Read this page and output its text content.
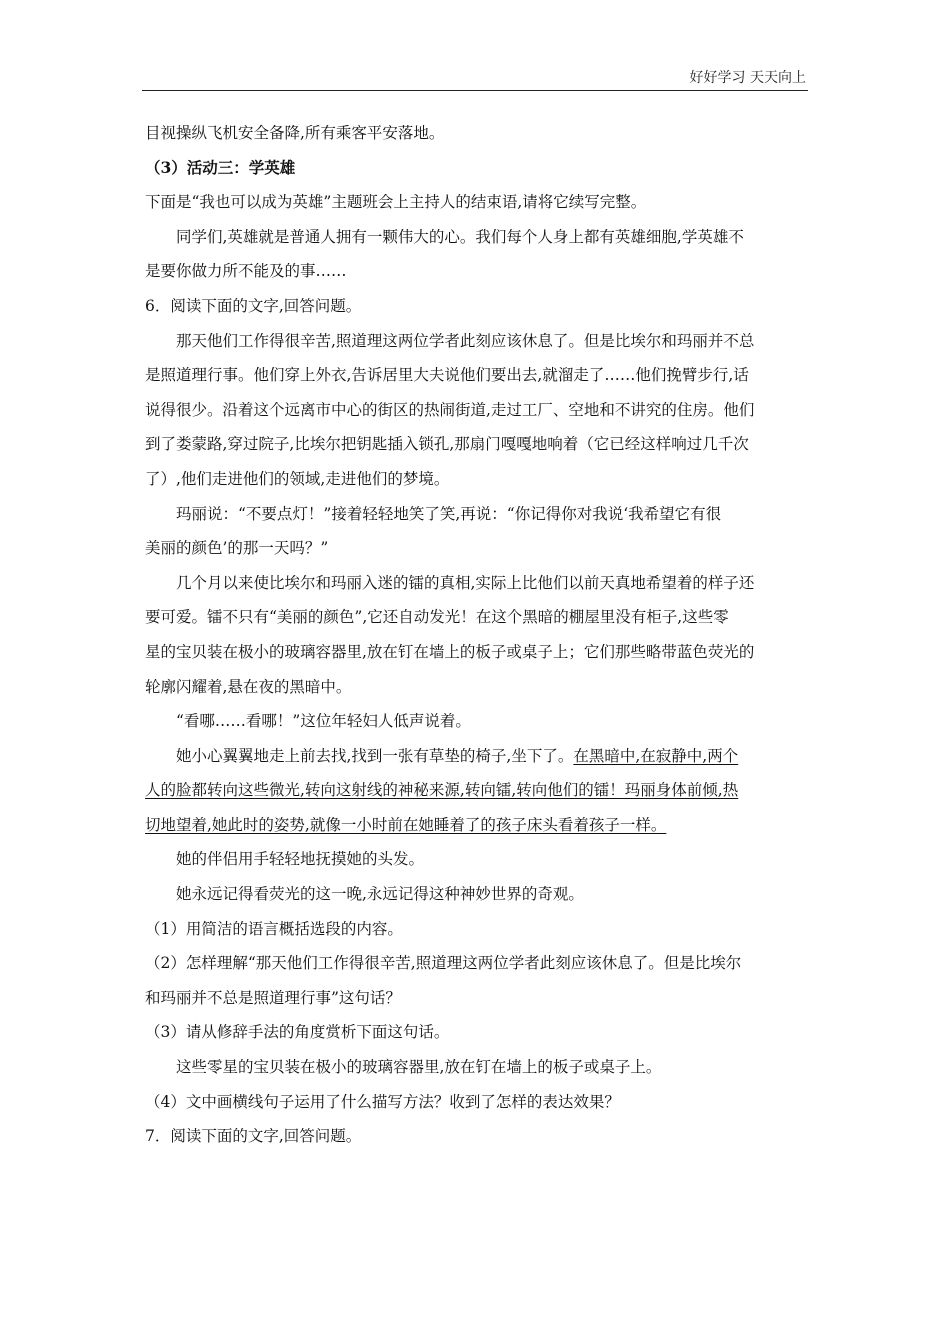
好好学习 天天向上
目视操纵飞机安全备降,所有乘客平安落地。
（3）活动三：学英雄
下面是“我也可以成为英雄”主题班会上主持人的结束语,请将它续写完整。
同学们,英雄就是普通人拥有一颗伟大的心。我们每个人身上都有英雄细胞,学英雄不
是要你做力所不能及的事……
6．阅读下面的文字,回答问题。
那天他们工作得很辛苦,照道理这两位学者此刻应该休息了。但是比埃尔和玛丽并不总
是照道理行事。他们穿上外衣,告诉居里大夫说他们要出去,就溜走了……他们挽臂步行,话
说得很少。沿着这个远离市中心的街区的热闹街道,走过工厂、空地和不讲究的住房。他们
到了娄蒙路,穿过院子,比埃尔把钥匙插入锁孔,那扇门嘎嘎地响着（它已经这样响过几千次
了）,他们走进他们的领域,走进他们的梦境。
玛丽说：“不要点灯！”接着轻轻地笑了笑,再说：“你记得你对我说‘我希望它有很
美丽的颜色’的那一天吗？”
几个月以来使比埃尔和玛丽入迷的镭的真相,实际上比他们以前天真地希望着的样子还
要可爱。镭不只有“美丽的颜色”,它还自动发光！在这个黑暗的棚屋里没有柜子,这些零
星的宝贝装在极小的玻璃容器里,放在钉在墙上的板子或桌子上；它们那些略带蓝色荧光的
轮廓闪耀着,悬在夜的黑暗中。
“看哪……看哪！”这位年轻妇人低声说着。
她小心翼翼地走上前去找,找到一张有草垫的椅子,坐下了。在黑暗中,在寂静中,两个
人的脸都转向这些微光,转向这射线的神秘来源,转向镭,转向他们的镭！玛丽身体前倾,热
切地望着,她此时的姿势,就像一小时前在她睡着了的孩子床头看着孩子一样。
她的伴侣用手轻轻地抚摸她的头发。
她永远记得看荧光的这一晚,永远记得这种神妙世界的奇观。
（1）用简洁的语言概括选段的内容。
（2）怎样理解“那天他们工作得很辛苦,照道理这两位学者此刻应该休息了。但是比埃尔
和玛丽并不总是照道理行事”这句话？
（3）请从修辞手法的角度赏析下面这句话。
这些零星的宝贝装在极小的玻璃容器里,放在钉在墙上的板子或桌子上。
（4）文中画横线句子运用了什么描写方法？收到了怎样的表达效果？
7．阅读下面的文字,回答问题。
